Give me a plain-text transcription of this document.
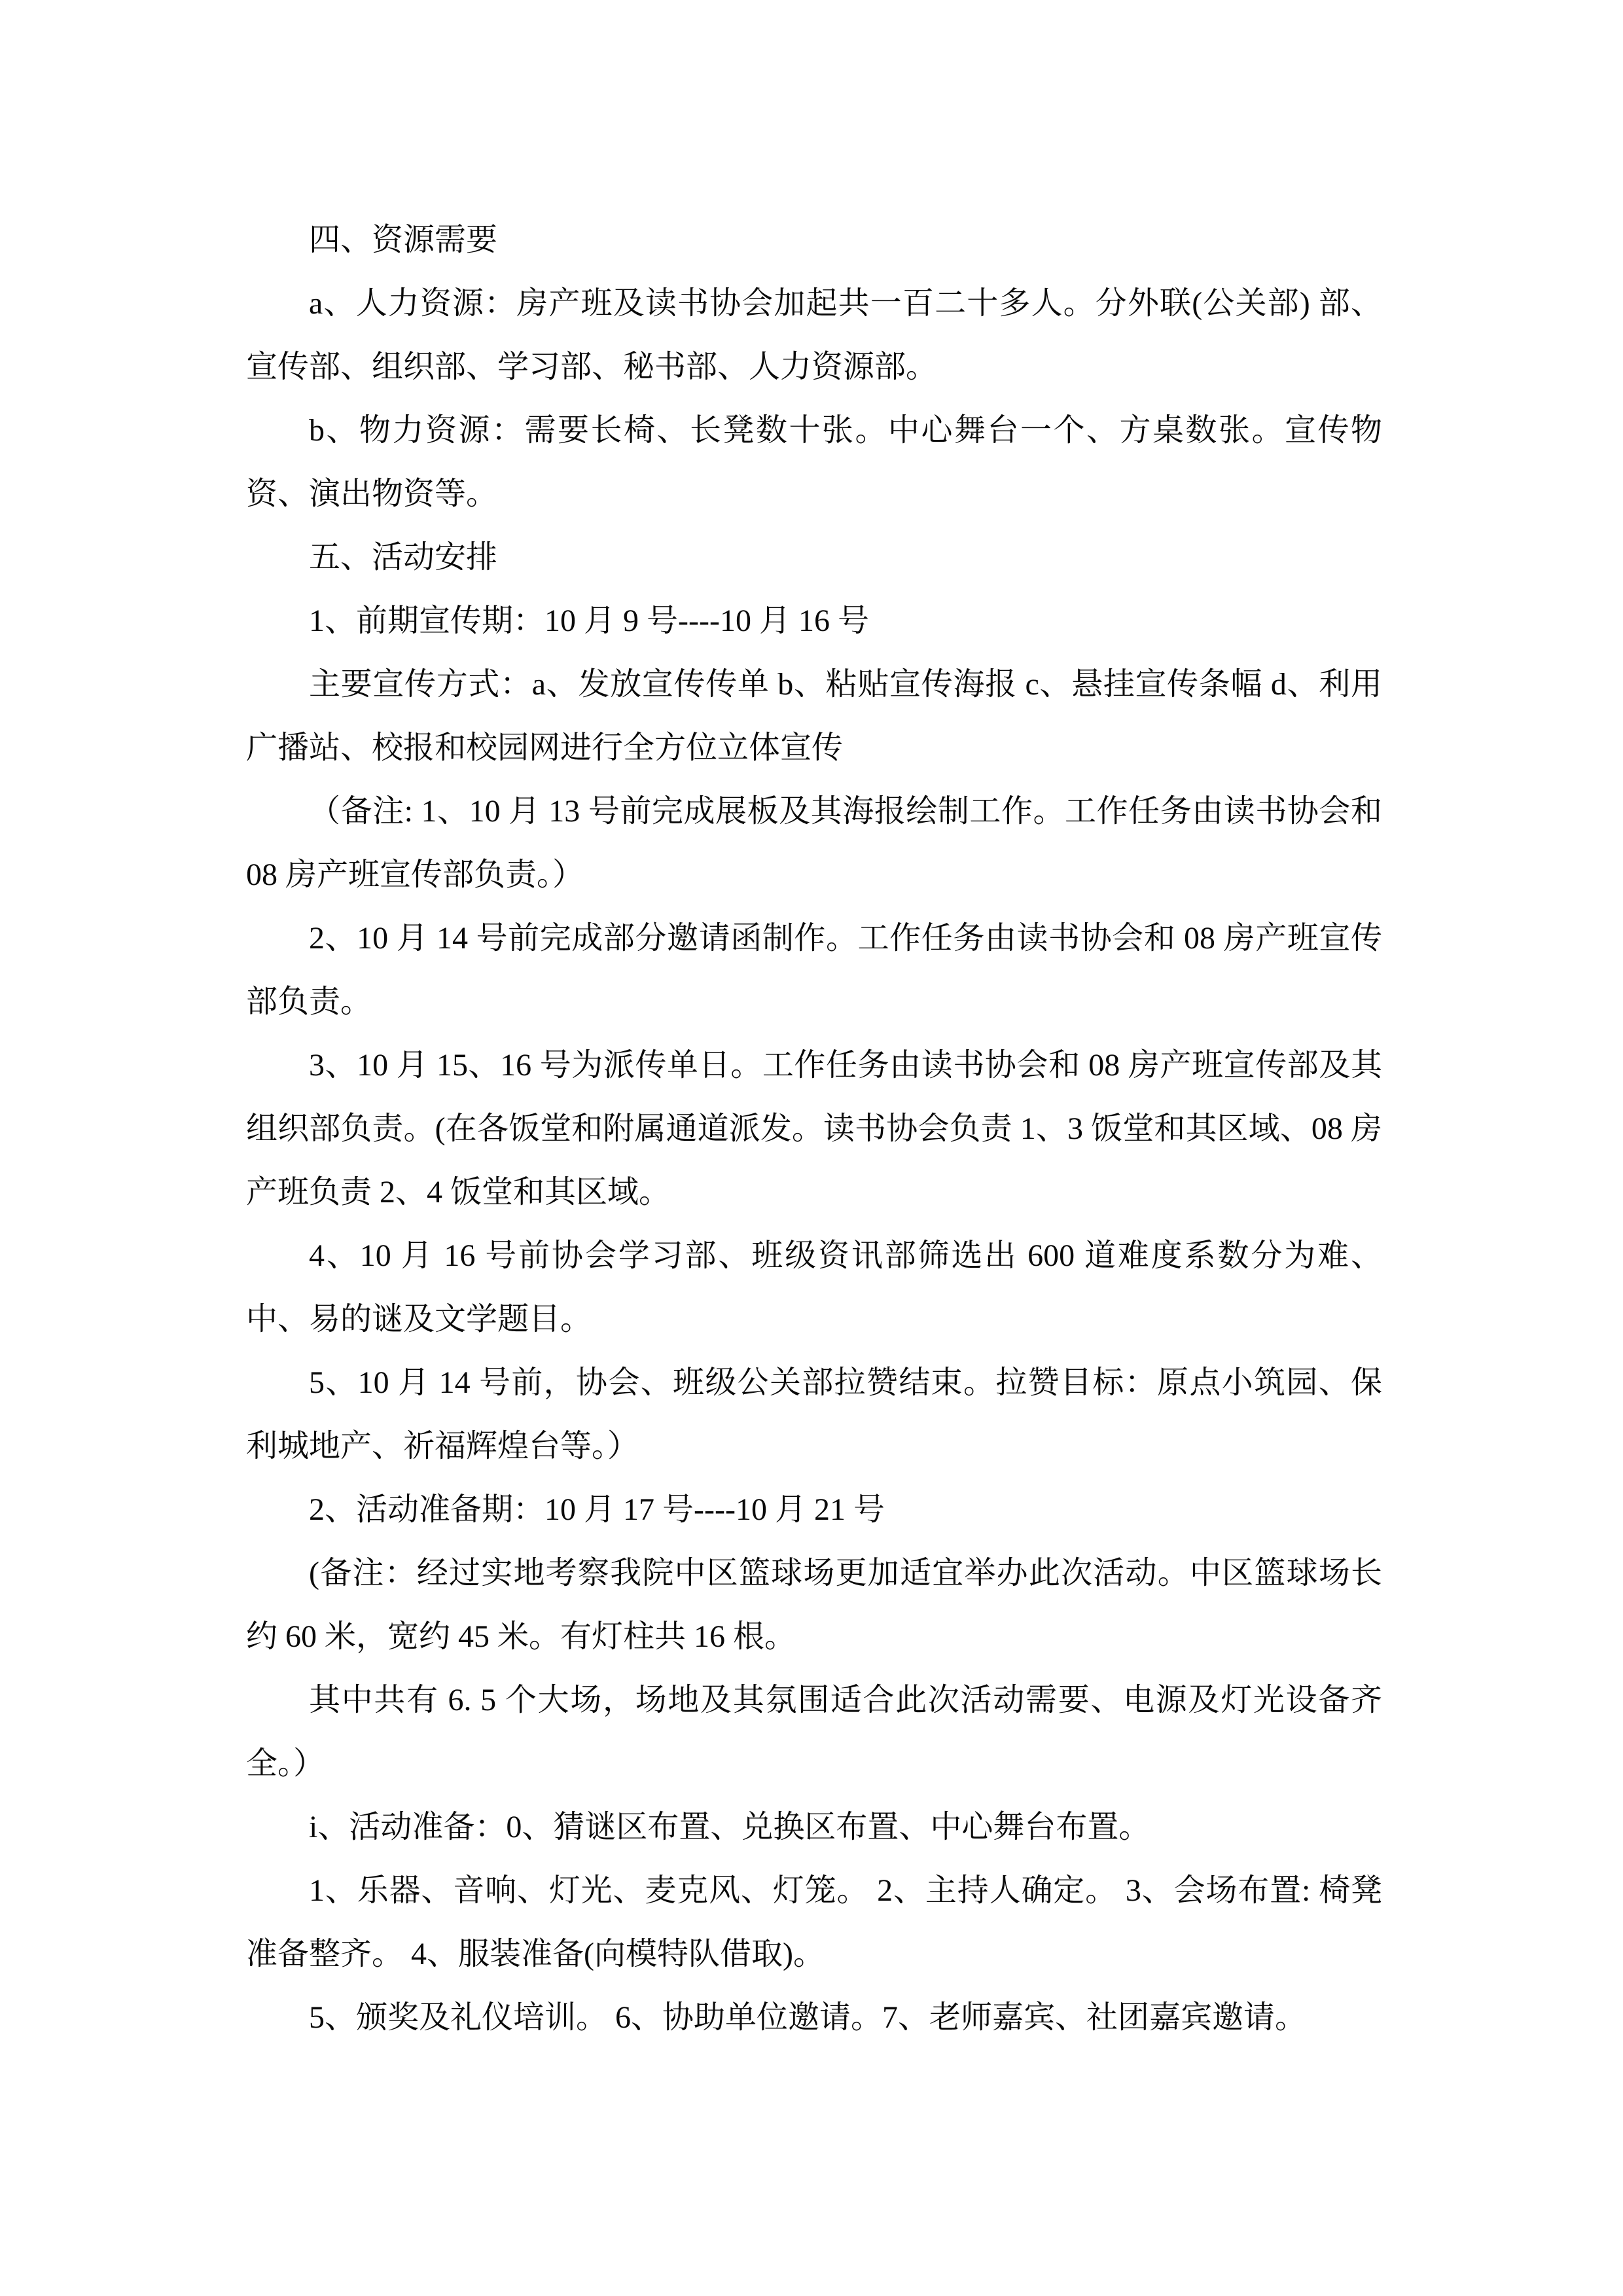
四、资源需要

a、人力资源：房产班及读书协会加起共一百二十多人。分外联(公关部) 部、宣传部、组织部、学习部、秘书部、人力资源部。

b、物力资源：需要长椅、长凳数十张。中心舞台一个、方桌数张。宣传物资、演出物资等。

五、活动安排

1、前期宣传期：10 月 9 号----10 月 16 号

主要宣传方式：a、发放宣传传单 b、粘贴宣传海报 c、悬挂宣传条幅 d、利用广播站、校报和校园网进行全方位立体宣传

（备注: 1、10 月 13 号前完成展板及其海报绘制工作。工作任务由读书协会和 08 房产班宣传部负责。）

2、10 月 14 号前完成部分邀请函制作。工作任务由读书协会和 08 房产班宣传部负责。

3、10 月 15、16 号为派传单日。工作任务由读书协会和 08 房产班宣传部及其组织部负责。(在各饭堂和附属通道派发。读书协会负责 1、3 饭堂和其区域、08 房产班负责 2、4 饭堂和其区域。

4、10 月 16 号前协会学习部、班级资讯部筛选出 600 道难度系数分为难、中、易的谜及文学题目。

5、10 月 14 号前，协会、班级公关部拉赞结束。拉赞目标：原点小筑园、保利城地产、祈福辉煌台等。）

2、活动准备期：10 月 17 号----10 月 21 号

(备注：经过实地考察我院中区篮球场更加适宜举办此次活动。中区篮球场长约 60 米，宽约 45 米。有灯柱共 16 根。

其中共有 6. 5 个大场，场地及其氛围适合此次活动需要、电源及灯光设备齐全。）

i、活动准备：0、猜谜区布置、兑换区布置、中心舞台布置。

1、乐器、音响、灯光、麦克风、灯笼。 2、主持人确定。 3、会场布置: 椅凳准备整齐。 4、服装准备(向模特队借取)。

5、颁奖及礼仪培训。 6、协助单位邀请。7、老师嘉宾、社团嘉宾邀请。
